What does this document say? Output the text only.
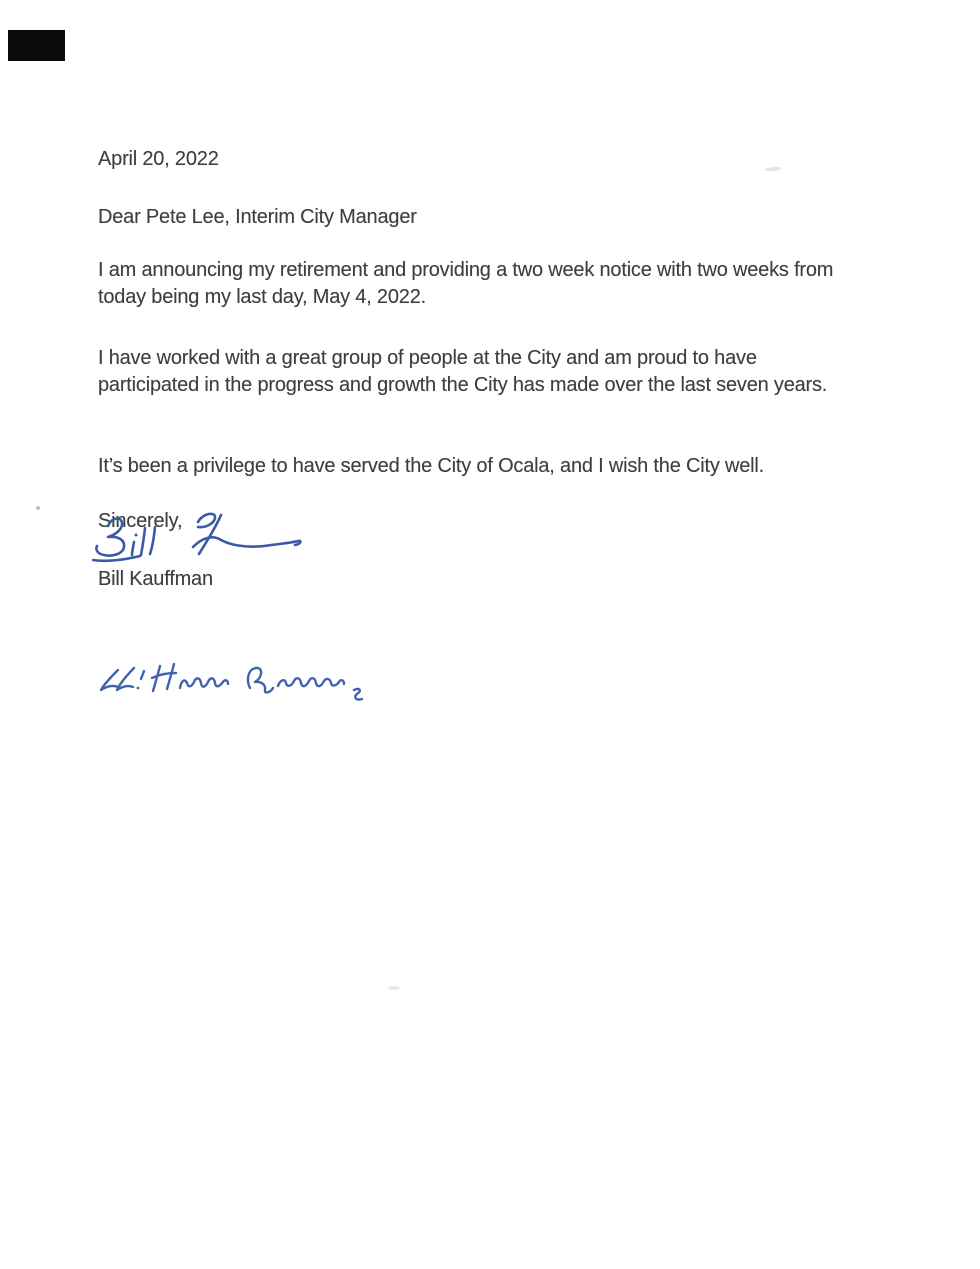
April 20, 2022
Dear Pete Lee, Interim City Manager
I am announcing my retirement and providing a two week notice with two weeks from today being my last day, May 4, 2022.
I have worked with a great group of people at the City and am proud to have participated in the progress and growth the City has made over the last seven years.
It’s been a privilege to have served the City of Ocala, and I wish the City well.
Sincerely,
Bill Kauffman
